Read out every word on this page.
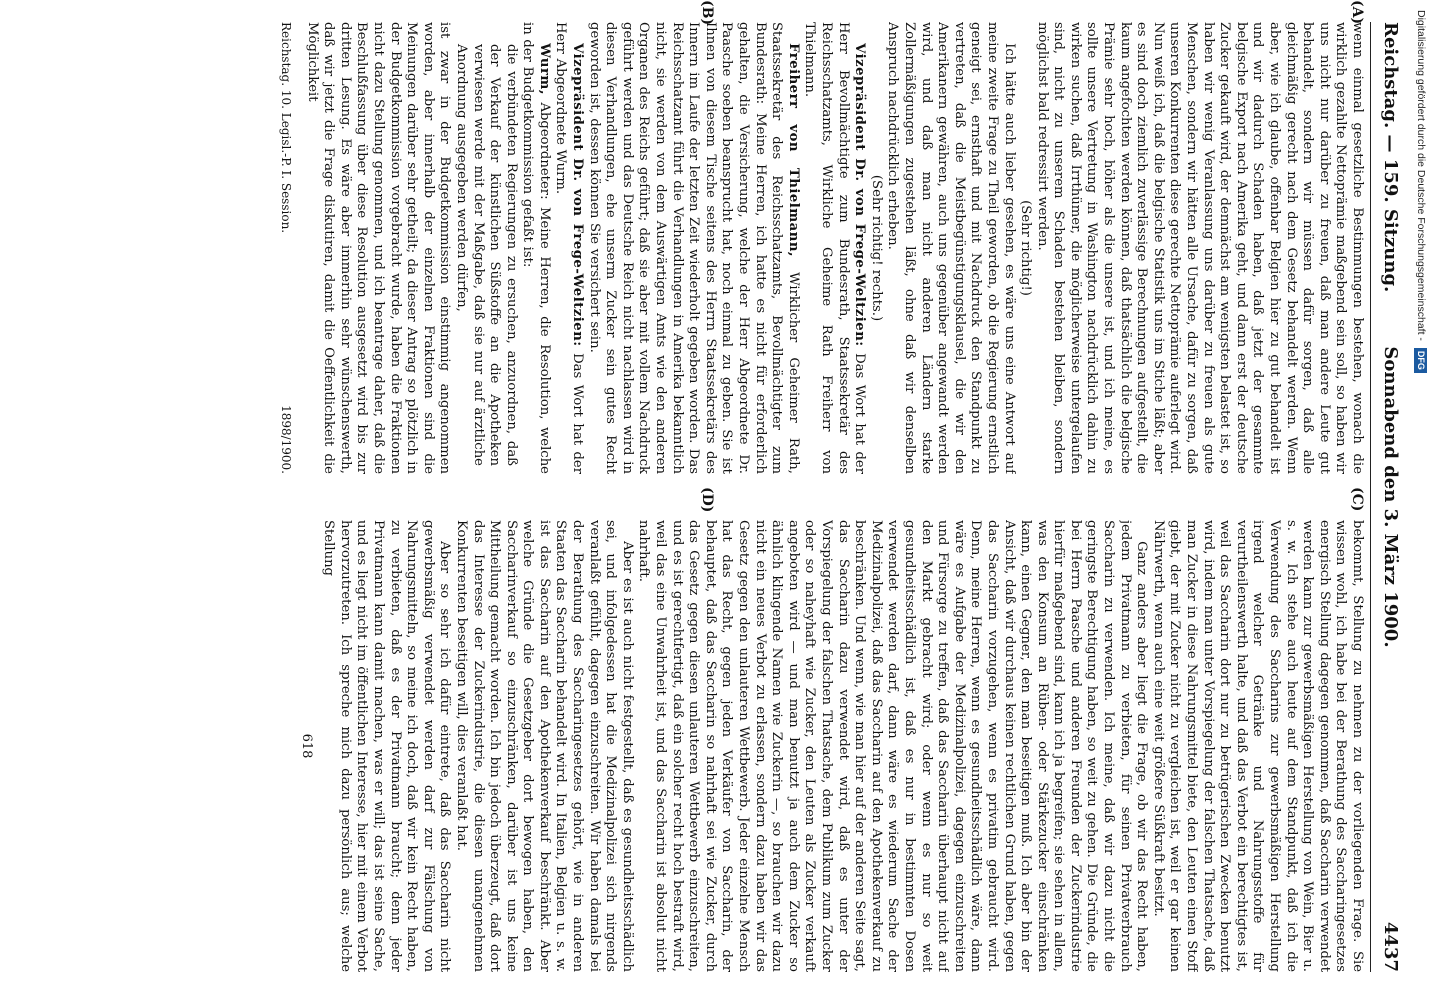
Reichstag. — 159. Sitzung.
Sonnabend den 3. März 1900.
4437
(A)
(B)
(C)
(D)

wenn einmal gesetzliche Bestimmungen bestehen, wonach die wirklich gezahlte Nettoprämie maßgebend sein soll, so haben wir uns nicht nur darüber zu freuen, daß man andere Leute gut behandelt, sondern wir müssen dafür sorgen, daß alle gleichmäßig gerecht nach dem Gesetz behandelt werden. Wenn aber, wie ich glaube, offenbar Belgien hier zu gut behandelt ist und wir dadurch Schaden haben, daß jetzt der gesammte belgische Export nach Amerika geht, und dann erst der deutsche Zucker gekauft wird, der demnächst am wenigsten belastet ist, so haben wir wenig Veranlassung uns darüber zu freuen als gute Menschen, sondern wir hätten alle Ursache, dafür zu sorgen, daß unseren Konkurrenten diese gerechte Nettoprämie auferlegt wird. Nun weiß ich, daß die belgische Statistik uns im Stiche läßt; aber es sind doch ziemlich zuverlässige Berechnungen aufgestellt, die kaum angefochten werden können, daß thatsächlich die belgische Prämie sehr hoch, höher als die unsere ist, und ich meine, es sollte unsere Vertretung in Washington nachdrücklich dahin zu wirken suchen, daß Irrthümer, die möglicherweise untergelaufen sind, nicht zu unserem Schaden bestehen bleiben, sondern möglichst bald redressirt werden.

(Sehr richtig!)

Ich hätte auch lieber gesehen, es wäre uns eine Antwort auf meine zweite Frage zu Theil geworden, ob die Regierung ernstlich geneigt sei, ernsthaft und mit Nachdruck den Standpunkt zu vertreten, daß die Meistbegünstigungsklausel, die wir den Amerikanern gewähren, auch uns gegenüber angewandt werden wird, und daß man nicht anderen Ländern starke Zollermäßigungen zugestehen läßt, ohne daß wir denselben Anspruch nachdrücklich erheben.

(Sehr richtig! rechts.)

Vizepräsident Dr. von Frege-Weltzien: Das Wort hat der Herr Bevollmächtigte zum Bundesrath, Staatssekretär des Reichsschatzamts, Wirkliche Geheime Rath Freiherr von Thielmann.

Freiherr von Thielmann, Wirklicher Geheimer Rath, Staatssekretär des Reichsschatzamts, Bevollmächtigter zum Bundesrath: Meine Herren, ich hatte es nicht für erforderlich gehalten, die Versicherung, welche der Herr Abgeordnete Dr. Paasche soeben beansprucht hat, noch einmal zu geben. Sie ist Ihnen von diesem Tische seitens des Herrn Staatssekretärs des Innern im Laufe der letzten Zeit wiederholt gegeben worden. Das Reichsschatzamt führt die Verhandlungen in Amerika bekanntlich nicht, sie werden von dem Auswärtigen Amts wie den anderen Organen des Reichs geführt; daß sie aber mit vollem Nachdruck geführt werden und das Deutsche Reich nicht nachlassen wird in diesen Verhandlungen, ehe unserm Zucker sein gutes Recht geworden ist, dessen können Sie versichert sein.

Vizepräsident Dr. von Frege-Weltzien: Das Wort hat der Herr Abgeordnete Wurm.

Wurm, Abgeordneter: Meine Herren, die Resolution, welche in der Budgetkommission gefaßt ist:

die verbündeten Regierungen zu ersuchen, anzuordnen, daß der Verkauf der künstlichen Süßstoffe an die Apotheken verwiesen werde mit der Maßgabe, daß sie nur auf ärztliche Anordnung ausgegeben werden dürfen,

ist zwar in der Budgetkommission einstimmig angenommen worden, aber innerhalb der einzelnen Fraktionen sind die Meinungen darüber sehr getheilt; da dieser Antrag so plötzlich in der Budgetkommission vorgebracht wurde, haben die Fraktionen nicht dazu Stellung genommen, und ich beantrage daher, daß die Beschlußfassung über diese Resolution ausgesetzt wird bis zur dritten Lesung. Es wäre aber immerhin sehr wünschenswerth, daß wir jetzt die Frage diskutiren, damit die Oeffentlichkeit die Möglichkeit

Reichstag. 10. Legisl.-P. I. Session.
1898/1900.

bekommt, Stellung zu nehmen zu der vorliegenden Frage. Sie wissen wohl, ich habe bei der Berathung des Saccharingesetzes energisch Stellung dagegen genommen, daß Saccharin verwendet werden kann zur gewerbsmäßigen Herstellung von Wein, Bier u. s. w. Ich stehe auch heute auf dem Standpunkt, daß ich die Verwendung des Saccharins zur gewerbsmäßigen Herstellung irgend welcher Getränke und Nahrungsstoffe für verurtheilenswerth halte, und daß das Verbot ein berechtigtes ist, weil das Saccharin dort nur zu betrügerischen Zwecken benutzt wird, indem man unter Vorspiegelung der falschen Thatsache, daß man Zucker in diese Nahrungsmittel biete, den Leuten einen Stoff giebt, der mit Zucker nicht zu vergleichen ist, weil er gar keinen Nährwerth, wenn auch eine weit größere Süßkraft besitzt.

Ganz anders aber liegt die Frage, ob wir das Recht haben, jedem Privatmann zu verbieten, für seinen Privatverbrauch Saccharin zu verwenden. Ich meine, daß wir dazu nicht die geringste Berechtigung haben, so weit zu gehen. Die Gründe, die bei Herrn Paasche und anderen Freunden der Zuckerindustrie hierfür maßgebend sind, kann ich ja begreifen; sie sehen in allem, was den Konsum an Rüben- oder Stärkezucker einschränken kann, einen Gegner, den man beseitigen muß. Ich aber bin der Ansicht, daß wir durchaus keinen rechtlichen Grund haben, gegen das Saccharin vorzugehen, wenn es privatim gebraucht wird. Denn, meine Herren, wenn es gesundheitsschädlich wäre, dann wäre es Aufgabe der Medizinalpolizei, dagegen einzuschreiten und Fürsorge zu treffen, daß das Saccharin überhaupt nicht auf den Markt gebracht wird; oder wenn es nur so weit gesundheitsschädlich ist, daß es nur in bestimmten Dosen verwendet werden darf, dann wäre es wiederum Sache der Medizinalpolizei, daß das Saccharin auf den Apothekenverkauf zu beschränken. Und wenn, wie man hier auf der anderen Seite sagt, das Saccharin dazu verwendet wird, daß es unter der Vorspiegelung der falschen Thatsache, dem Publikum zum Zucker oder so naheyhaft wie Zucker, den Leuten als Zucker verkauft angeboten wird — und man benutzt ja auch dem Zucker so ähnlich klingende Namen wie Zuckerin —, so brauchen wir dazu nicht ein neues Verbot zu erlassen, sondern dazu haben wir das Gesetz gegen den unlauteren Wettbewerb. Jeder einzelne Mensch hat das Recht, gegen jeden Verkäufer von Saccharin, der behauptet, daß das Saccharin so nahrhaft sei wie Zucker, durch das Gesetz gegen diesen unlauteren Wettbewerb einzuschreiten, und es ist gerechtfertigt, daß ein solcher recht hoch bestraft wird, weil das eine Unwahrheit ist, und das Saccharin ist absolut nicht nahrhaft.

Aber es ist auch nicht festgestellt, daß es gesundheitsschädlich sei, und infolgedessen hat die Medizinalpolizei sich nirgends veranlaßt gefühlt, dagegen einzuschreiten. Wir haben damals bei der Berathung des Saccharingesetzes gehört, wie in anderen Staaten das Saccharin behandelt wird. In Italien, Belgien u. s. w. ist das Saccharin auf den Apothekenverkauf beschränkt. Aber welche Gründe die Gesetzgeber dort bewogen haben, den Saccharinverkauf so einzuschränken, darüber ist uns keine Mittheilung gemacht worden. Ich bin jedoch überzeugt, daß dort das Interesse der Zuckerindustrie, die diesen unangenehmen Konkurrenten beseitigen will, dies veranlaßt hat.

Aber so sehr ich dafür eintrete, daß das Saccharin nicht gewerbsmäßig verwendet werden darf zur Fälschung von Nahrungsmitteln, so meine ich doch, daß wir kein Recht haben, zu verbieten, daß es der Privatmann braucht; denn jeder Privatmann kann damit machen, was er will; das ist seine Sache, und es liegt nicht im öffentlichen Interesse, hier mit einem Verbot hervorzutreten. Ich spreche mich dazu persönlich aus; welche Stellung

618
Digitalisierung gefördert durch die Deutsche Forschungsgemeinschaft - DFG
